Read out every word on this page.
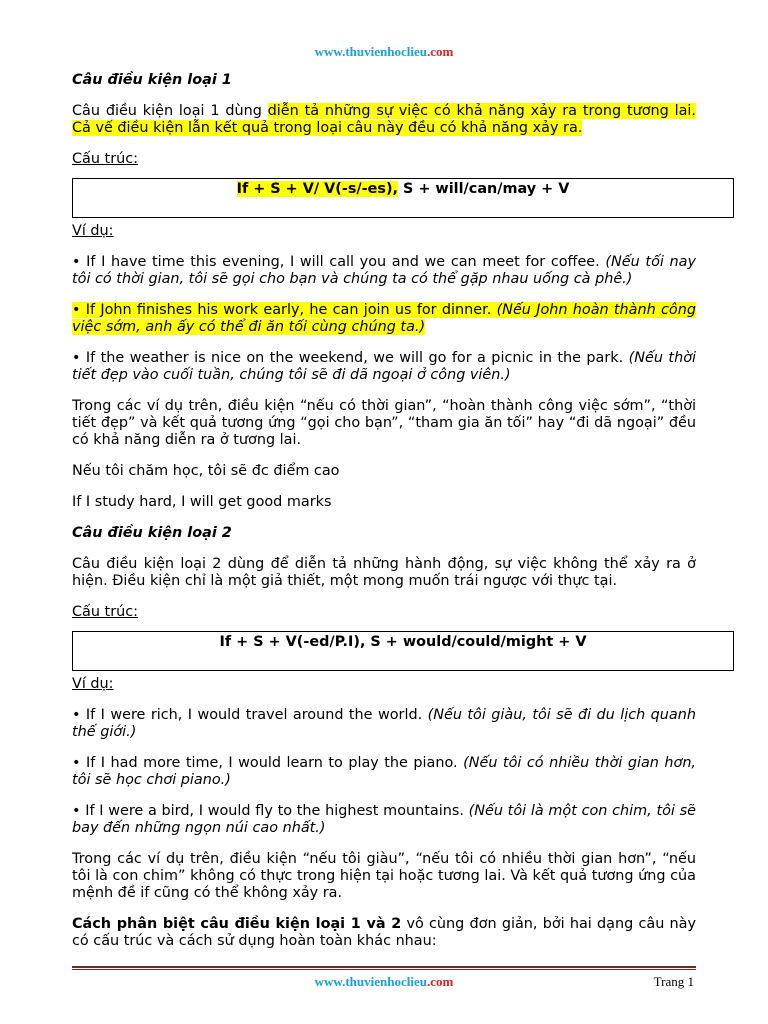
www.thuvienhoclieu.com

Câu điều kiện loại 1

Câu điều kiện loại 1 dùng diễn tả những sự việc có khả năng xảy ra trong tương lai. Cả vế điều kiện lẫn kết quả trong loại câu này đều có khả năng xảy ra.

Cấu trúc:

If + S + V/ V(-s/-es), S + will/can/may + V

Ví dụ:

• If I have time this evening, I will call you and we can meet for coffee. (Nếu tối nay tôi có thời gian, tôi sẽ gọi cho bạn và chúng ta có thể gặp nhau uống cà phê.)

• If John finishes his work early, he can join us for dinner. (Nếu John hoàn thành công việc sớm, anh ấy có thể đi ăn tối cùng chúng ta.)

• If the weather is nice on the weekend, we will go for a picnic in the park. (Nếu thời tiết đẹp vào cuối tuần, chúng tôi sẽ đi dã ngoại ở công viên.)

Trong các ví dụ trên, điều kiện “nếu có thời gian”, “hoàn thành công việc sớm”, “thời tiết đẹp” và kết quả tương ứng “gọi cho bạn”, “tham gia ăn tối” hay “đi dã ngoại” đều có khả năng diễn ra ở tương lai.

Nếu tôi chăm học, tôi sẽ đc điểm cao

If I study hard, I will get good marks

Câu điều kiện loại 2

Câu điều kiện loại 2 dùng để diễn tả những hành động, sự việc không thể xảy ra ở hiện. Điều kiện chỉ là một giả thiết, một mong muốn trái ngược với thực tại.

Cấu trúc:

If + S + V(-ed/P.I), S + would/could/might + V

Ví dụ:

• If I were rich, I would travel around the world. (Nếu tôi giàu, tôi sẽ đi du lịch quanh thế giới.)

• If I had more time, I would learn to play the piano. (Nếu tôi có nhiều thời gian hơn, tôi sẽ học chơi piano.)

• If I were a bird, I would fly to the highest mountains. (Nếu tôi là một con chim, tôi sẽ bay đến những ngọn núi cao nhất.)

Trong các ví dụ trên, điều kiện “nếu tôi giàu”, “nếu tôi có nhiều thời gian hơn”, “nếu tôi là con chim” không có thực trong hiện tại hoặc tương lai. Và kết quả tương ứng của mệnh đề if cũng có thể không xảy ra.

Cách phân biệt câu điều kiện loại 1 và 2 vô cùng đơn giản, bởi hai dạng câu này có cấu trúc và cách sử dụng hoàn toàn khác nhau:

www.thuvienhoclieu.com	Trang 1
